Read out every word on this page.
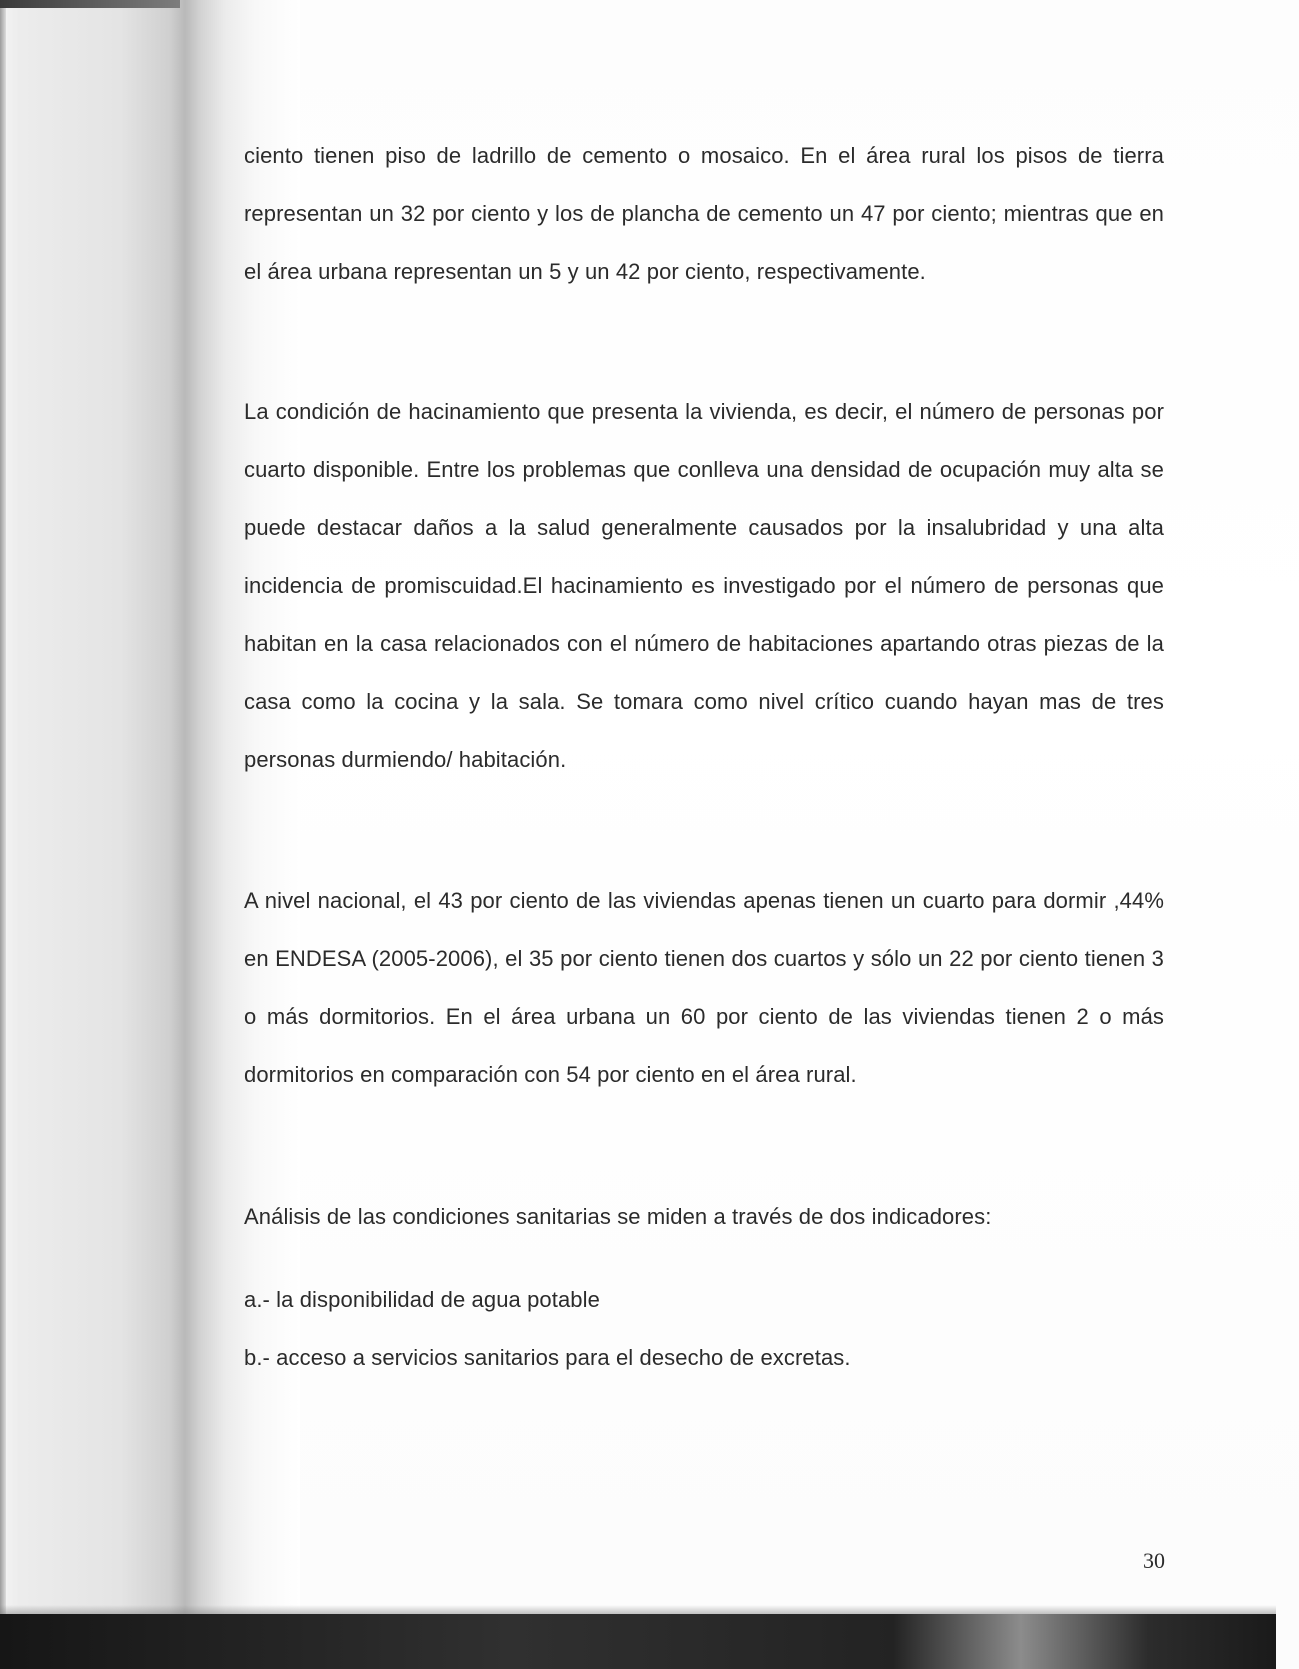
ciento tienen piso de ladrillo de cemento o mosaico. En el área rural los pisos de tierra representan un 32 por ciento y los de plancha de cemento un 47 por ciento; mientras que en el área urbana representan un 5 y un 42 por ciento, respectivamente.

La condición de hacinamiento que presenta la vivienda, es decir, el número de personas por cuarto disponible. Entre los problemas que conlleva una densidad de ocupación muy alta se puede destacar daños a la salud generalmente causados por la insalubridad y una alta incidencia de promiscuidad.El hacinamiento es investigado por el número de personas que habitan en la casa relacionados con el número de habitaciones apartando otras piezas de la casa como la cocina y la sala. Se tomara como nivel crítico cuando hayan mas de tres personas durmiendo/ habitación.

A nivel nacional, el 43 por ciento de las viviendas apenas tienen un cuarto para dormir ,44% en ENDESA (2005-2006), el 35 por ciento tienen dos cuartos y sólo un 22 por ciento tienen 3 o más dormitorios. En el área urbana un 60 por ciento de las viviendas tienen 2 o más dormitorios en comparación con 54 por ciento en el área rural.

Análisis de las condiciones sanitarias se miden a través de dos indicadores:

a.- la disponibilidad de agua potable

b.- acceso a servicios sanitarios para el desecho de excretas.

30
